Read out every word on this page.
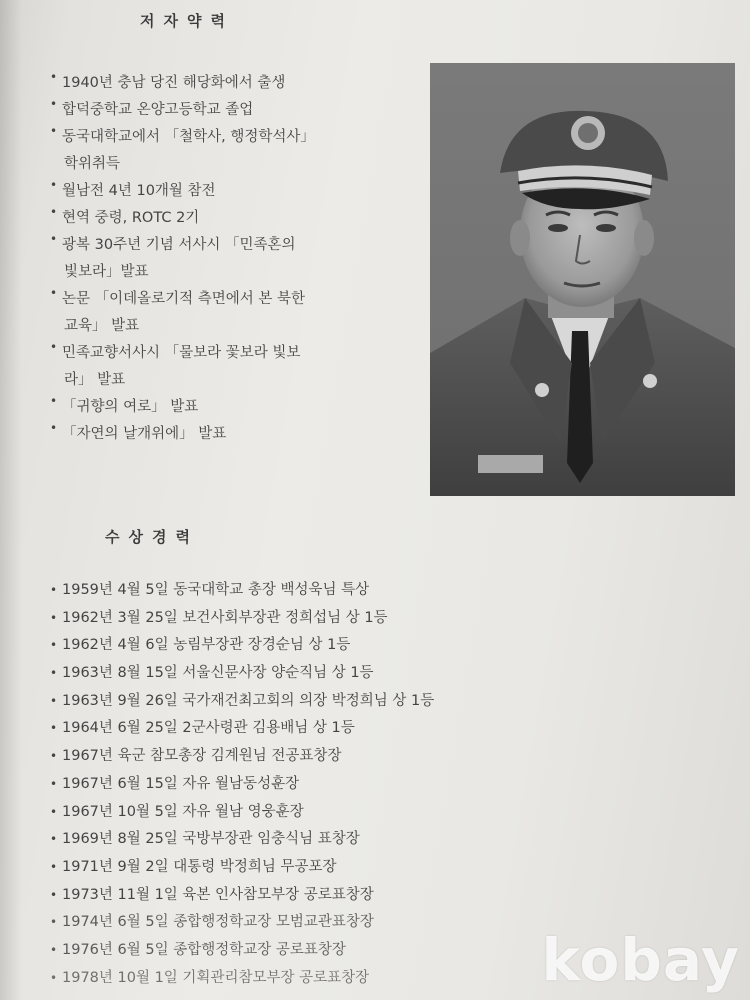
저자약력
• 1940년 충남 당진 해당화에서 출생
• 합덕중학교 온양고등학교 졸업
• 동국대학교에서 「철학사, 행정학석사」
학위취득
• 월남전 4년 10개월 참전
• 현역 중령, ROTC 2기
• 광복 30주년 기념 서사시 「민족혼의
빛보라」발표
• 논문 「이데올로기적 측면에서 본 북한
교육」 발표
• 민족교향서사시 「물보라 꽃보라 빛보
라」 발표
• 「귀향의 여로」 발표
• 「자연의 날개위에」 발표
수상경력
• 1959년 4월 5일 동국대학교 총장 백성욱님 특상
• 1962년 3월 25일 보건사회부장관 정희섭님 상 1등
• 1962년 4월 6일 농림부장관 장경순님 상 1등
• 1963년 8월 15일 서울신문사장 양순직님 상 1등
• 1963년 9월 26일 국가재건최고회의 의장 박정희님 상 1등
• 1964년 6월 25일 2군사령관 김용배님 상 1등
• 1967년 육군 참모총장 김계원님 전공표창장
• 1967년 6월 15일 자유 월남동성훈장
• 1967년 10월 5일 자유 월남 영웅훈장
• 1969년 8월 25일 국방부장관 임충식님 표창장
• 1971년 9월 2일 대통령 박정희님 무공포장
• 1973년 11월 1일 육본 인사참모부장 공로표창장
• 1974년 6월 5일 종합행정학교장 모범교관표창장
• 1976년 6월 5일 종합행정학교장 공로표창장
• 1978년 10월 1일 기획관리참모부장 공로표창장	kobay
